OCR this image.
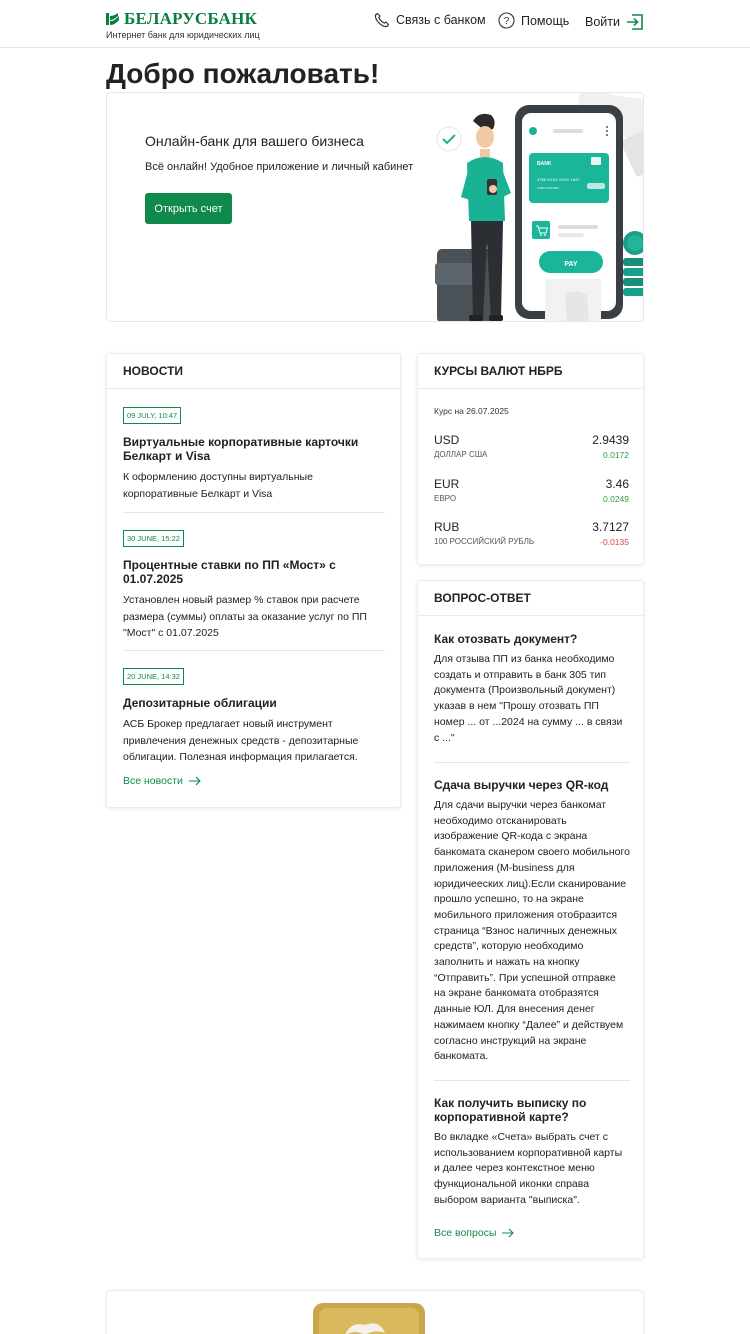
БЕЛАРУСБАНК
Интернет банк для юридических лиц
Связь с банком ? Помощь Войти
Добро пожаловать!
Онлайн-банк для вашего бизнеса
Всё онлайн! Удобное приложение и личный кабинет
Открыть счет
BANK
4766 XXXX XXXX 1547
CARD HOLDER
PAY
НОВОСТИ
09 JULY, 10:47
Виртуальные корпоративные карточки Белкарт и Visa
К оформлению доступны виртуальные корпоративные Белкарт и Visa
30 JUNE, 15:22
Процентные ставки по ПП «Мост» с 01.07.2025
Установлен новый размер % ставок при расчете размера (суммы) оплаты за оказание услуг по ПП "Мост" с 01.07.2025
20 JUNE, 14:32
Депозитарные облигации
АСБ Брокер предлагает новый инструмент привлечения денежных средств - депозитарные облигации. Полезная информация прилагается.
Все новости
КУРСЫ ВАЛЮТ НБРБ
Курс на 26.07.2025
USD	2.9439
ДОЛЛАР США	0.0172
EUR	3.46
ЕВРО	0.0249
RUB	3.7127
100 РОССИЙСКИЙ РУБЛЬ	-0.0135
ВОПРОС-ОТВЕТ
Как отозвать документ?
Для отзыва ПП из банка необходимо создать и отправить в банк 305 тип документа (Произвольный документ) указав в нем "Прошу отозвать ПП номер ... от ...2024 на сумму ... в связи с ..."
Сдача выручки через QR-код
Для сдачи выручки через банкомат необходимо отсканировать изображение QR-кода с экрана банкомата сканером своего мобильного приложения (M-business для юридичеескиx лиц).Если сканирование прошло успешно, то на экране мобильного приложения отобразится страница “Взнос наличных денежных средств”, которую необходимо заполнить и нажать на кнопку “Отправить”. При успешной отправке на экране банкомата отобразятся данные ЮЛ. Для внесения денег нажимаем кнопку “Далее” и действуем согласно инструкций на экране банкомата.
Как получить выписку по корпоративной карте?
Во вкладке «Счета» выбрать счет с использованием корпоративной карты и далее через контекстное меню функциональной иконки справа выбором варианта "выписка".
Все вопросы
